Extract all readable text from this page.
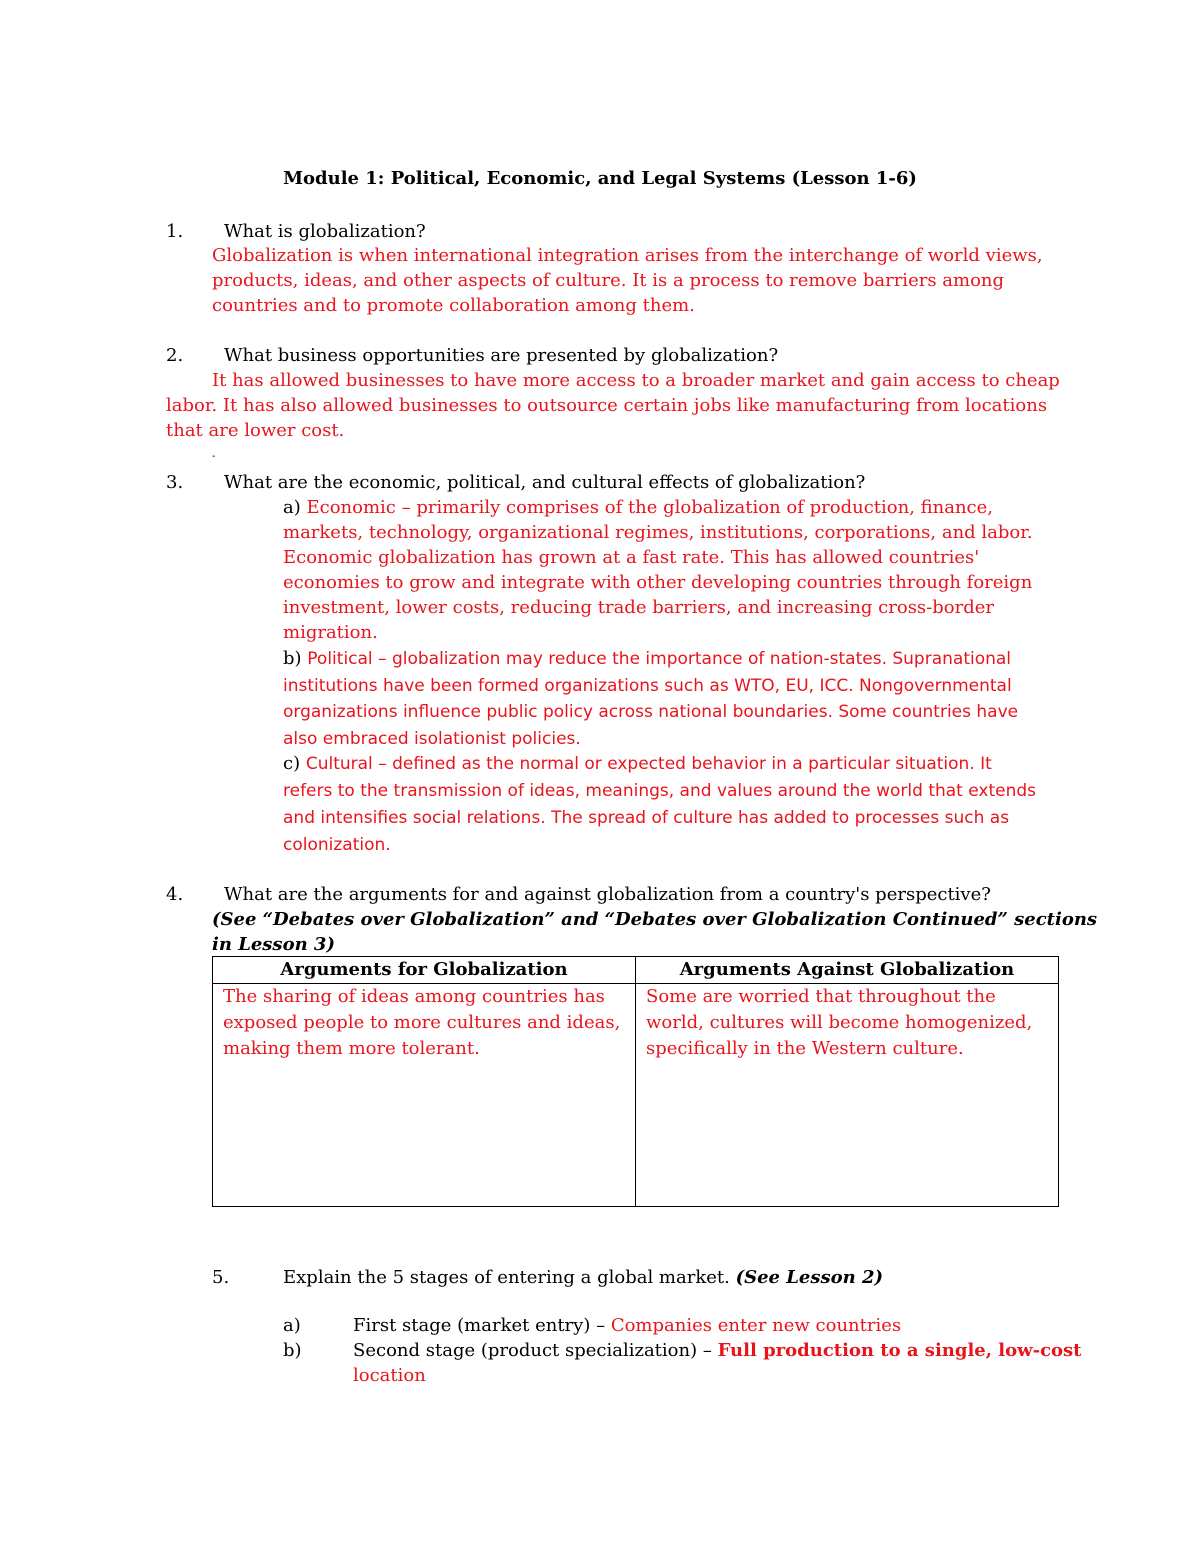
Module 1: Political, Economic, and Legal Systems (Lesson 1-6)
1. What is globalization?
Globalization is when international integration arises from the interchange of world views,
products, ideas, and other aspects of culture. It is a process to remove barriers among
countries and to promote collaboration among them.
2. What business opportunities are presented by globalization?
It has allowed businesses to have more access to a broader market and gain access to cheap
labor. It has also allowed businesses to outsource certain jobs like manufacturing from locations
that are lower cost.
-
3. What are the economic, political, and cultural effects of globalization?
a) Economic – primarily comprises of the globalization of production, finance,
markets, technology, organizational regimes, institutions, corporations, and labor.
Economic globalization has grown at a fast rate. This has allowed countries'
economies to grow and integrate with other developing countries through foreign
investment, lower costs, reducing trade barriers, and increasing cross-border
migration.
b) Political – globalization may reduce the importance of nation-states. Supranational
institutions have been formed organizations such as WTO, EU, ICC. Nongovernmental
organizations influence public policy across national boundaries. Some countries have
also embraced isolationist policies.
c) Cultural – defined as the normal or expected behavior in a particular situation. It
refers to the transmission of ideas, meanings, and values around the world that extends
and intensifies social relations. The spread of culture has added to processes such as
colonization.
4. What are the arguments for and against globalization from a country's perspective?
(See “Debates over Globalization” and “Debates over Globalization Continued” sections
in Lesson 3)
Arguments for Globalization	Arguments Against Globalization

The sharing of ideas among countries has
exposed people to more cultures and ideas,
making them more tolerant.	Some are worried that throughout the
world, cultures will become homogenized,
specifically in the Western culture.
5.	Explain the 5 stages of entering a global market. (See Lesson 2)
a)	First stage (market entry) – Companies enter new countries
b)	Second stage (product specialization) – Full production to a single, low-cost
location
